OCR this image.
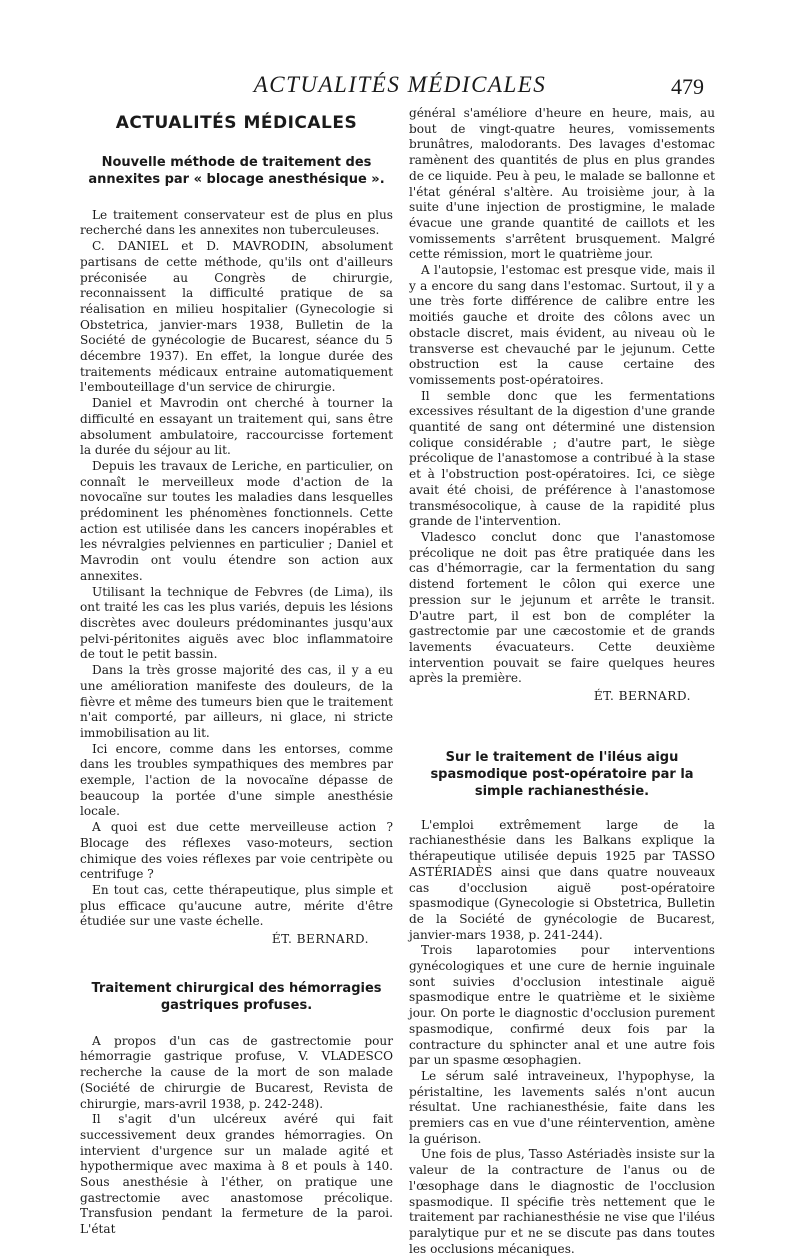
ACTUALITÉS MÉDICALES	479
ACTUALITÉS MÉDICALES
Nouvelle méthode de traitement des annexites par « blocage anesthésique ».

Le traitement conservateur est de plus en plus recherché dans les annexites non tuberculeuses.

C. DANIEL et D. MAVRODIN, absolument partisans de cette méthode, qu'ils ont d'ailleurs préconisée au Congrès de chirurgie, reconnaissent la difficulté pratique de sa réalisation en milieu hospitalier (Gynecologie si Obstetrica, janvier-mars 1938, Bulletin de la Société de gynécologie de Bucarest, séance du 5 décembre 1937). En effet, la longue durée des traitements médicaux entraine automatiquement l'embouteillage d'un service de chirurgie.

Daniel et Mavrodin ont cherché à tourner la difficulté en essayant un traitement qui, sans être absolument ambulatoire, raccourcisse fortement la durée du séjour au lit.

Depuis les travaux de Leriche, en particulier, on connaît le merveilleux mode d'action de la novocaïne sur toutes les maladies dans lesquelles prédominent les phénomènes fonctionnels. Cette action est utilisée dans les cancers inopérables et les névralgies pelviennes en particulier ; Daniel et Mavrodin ont voulu étendre son action aux annexites.

Utilisant la technique de Febvres (de Lima), ils ont traité les cas les plus variés, depuis les lésions discrètes avec douleurs prédominantes jusqu'aux pelvi-péritonites aiguës avec bloc inflammatoire de tout le petit bassin.

Dans la très grosse majorité des cas, il y a eu une amélioration manifeste des douleurs, de la fièvre et même des tumeurs bien que le traitement n'ait comporté, par ailleurs, ni glace, ni stricte immobilisation au lit.

Ici encore, comme dans les entorses, comme dans les troubles sympathiques des membres par exemple, l'action de la novocaïne dépasse de beaucoup la portée d'une simple anesthésie locale.

A quoi est due cette merveilleuse action ? Blocage des réflexes vaso-moteurs, section chimique des voies réflexes par voie centripète ou centrifuge ?

En tout cas, cette thérapeutique, plus simple et plus efficace qu'aucune autre, mérite d'être étudiée sur une vaste échelle.

ÉT. BERNARD.
Traitement chirurgical des hémorragies gastriques profuses.

A propos d'un cas de gastrectomie pour hémorragie gastrique profuse, V. VLADESCO recherche la cause de la mort de son malade (Société de chirurgie de Bucarest, Revista de chirurgie, mars-avril 1938, p. 242-248).

Il s'agit d'un ulcéreux avéré qui fait successivement deux grandes hémorragies. On intervient d'urgence sur un malade agité et hypothermique avec maxima à 8 et pouls à 140. Sous anesthésie à l'éther, on pratique une gastrectomie avec anastomose précolique. Transfusion pendant la fermeture de la paroi. L'état

général s'améliore d'heure en heure, mais, au bout de vingt-quatre heures, vomissements brunâtres, malodorants. Des lavages d'estomac ramènent des quantités de plus en plus grandes de ce liquide. Peu à peu, le malade se ballonne et l'état général s'altère. Au troisième jour, à la suite d'une injection de prostigmine, le malade évacue une grande quantité de caillots et les vomissements s'arrêtent brusquement. Malgré cette rémission, mort le quatrième jour.

A l'autopsie, l'estomac est presque vide, mais il y a encore du sang dans l'estomac. Surtout, il y a une très forte différence de calibre entre les moitiés gauche et droite des côlons avec un obstacle discret, mais évident, au niveau où le transverse est chevauché par le jejunum. Cette obstruction est la cause certaine des vomissements post-opératoires.

Il semble donc que les fermentations excessives résultant de la digestion d'une grande quantité de sang ont déterminé une distension colique considérable ; d'autre part, le siège précolique de l'anastomose a contribué à la stase et à l'obstruction post-opératoires. Ici, ce siège avait été choisi, de préférence à l'anastomose transmésocolique, à cause de la rapidité plus grande de l'intervention.

Vladesco conclut donc que l'anastomose précolique ne doit pas être pratiquée dans les cas d'hémorragie, car la fermentation du sang distend fortement le côlon qui exerce une pression sur le jejunum et arrête le transit. D'autre part, il est bon de compléter la gastrectomie par une cæcostomie et de grands lavements évacuateurs. Cette deuxième intervention pouvait se faire quelques heures après la première.

ÉT. BERNARD.
Sur le traitement de l'iléus aigu spasmodique post-opératoire par la simple rachianesthésie.

L'emploi extrêmement large de la rachianesthésie dans les Balkans explique la thérapeutique utilisée depuis 1925 par TASSO ASTÉRIADÈS ainsi que dans quatre nouveaux cas d'occlusion aiguë post-opératoire spasmodique (Gynecologie si Obstetrica, Bulletin de la Société de gynécologie de Bucarest, janvier-mars 1938, p. 241-244).

Trois laparotomies pour interventions gynécologiques et une cure de hernie inguinale sont suivies d'occlusion intestinale aiguë spasmodique entre le quatrième et le sixième jour. On porte le diagnostic d'occlusion purement spasmodique, confirmé deux fois par la contracture du sphincter anal et une autre fois par un spasme œsophagien.

Le sérum salé intraveineux, l'hypophyse, la péristaltine, les lavements salés n'ont aucun résultat. Une rachianesthésie, faite dans les premiers cas en vue d'une réintervention, amène la guérison.

Une fois de plus, Tasso Astériadès insiste sur la valeur de la contracture de l'anus ou de l'œsophage dans le diagnostic de l'occlusion spasmodique. Il spécifie très nettement que le traitement par rachianesthésie ne vise que l'iléus paralytique pur et ne se discute pas dans toutes les occlusions mécaniques.
